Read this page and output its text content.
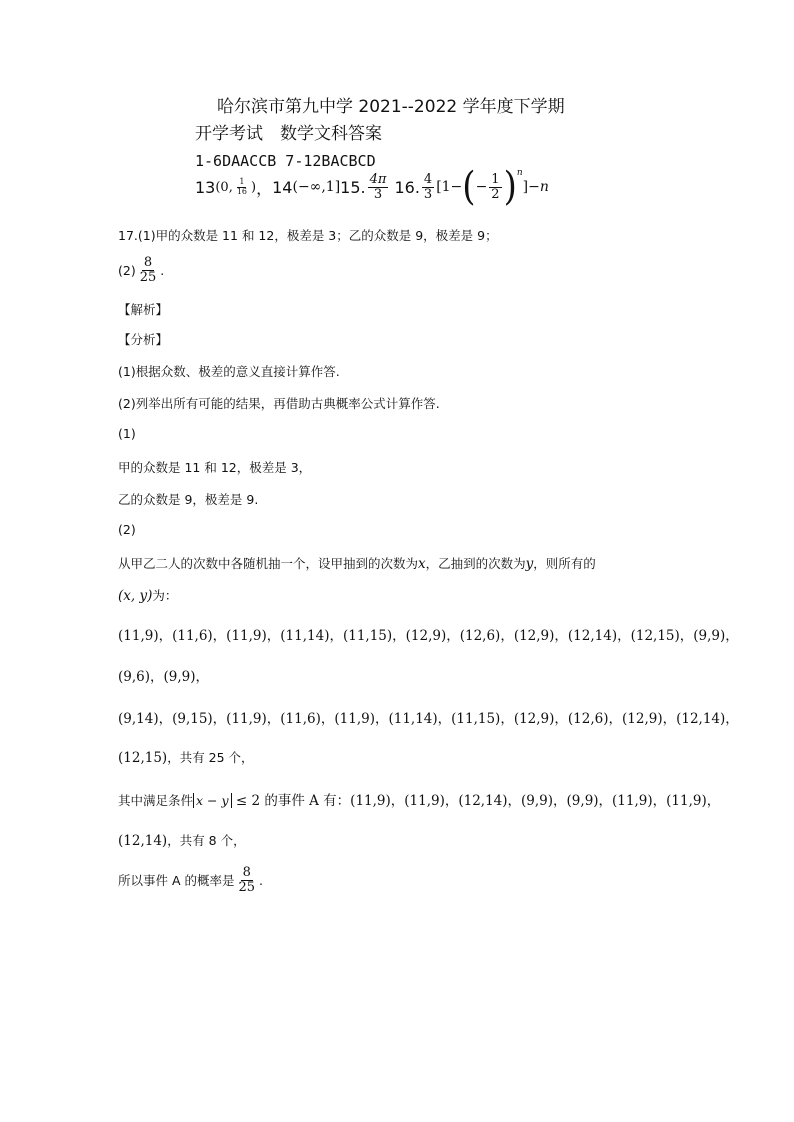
哈尔滨市第九中学 2021--2022 学年度下学期
开学考试　数学文科答案
1-6DAACCB 7-12BACBCD
13 (0, $\frac{1}{16}$ ) ， 14 (−∞,1] 15. $\frac{4\pi}{3} 16$. $\frac{4}{3} [1-$ ( − $\frac{1}{2} )^n$
]− n
17.(1)甲的众数是 11 和 12，极差是 3；乙的众数是 9，极差是 9；
$(2) \frac{8}{25}$ .
【解析】
【分析】
(1)根据众数、极差的意义直接计算作答.
(2)列举出所有可能的结果，再借助古典概率公式计算作答.
(1)
甲的众数是 11 和 12，极差是 3，
乙的众数是 9，极差是 9.
(2)
从甲乙二人的次数中各随机抽一个，设甲抽到的次数为x，乙抽到的次数为y，则所有的
(x, y)为：
(11,9)，(11,6)，(11,9)，(11,14)，(11,15)，(12,9)，(12,6)，(12,9)，(12,14)，(12,15)，(9,9)，
(9,6)，(9,9)，
(9,14)，(9,15)，(11,9)，(11,6)，(11,9)，(11,14)，(11,15)，(12,9)，(12,6)，(12,9)，(12,14)，
(12,15)，共有 25 个，
其中满足条件 x − y ≤ 2 的事件 A 有：(11,9)，(11,9)，(12,14)，(9,9)，(9,9)，(11,9)，(11,9)，
(12,14)，共有 8 个，
所以事件 A 的概率是 $\frac{8}{25}$ .
